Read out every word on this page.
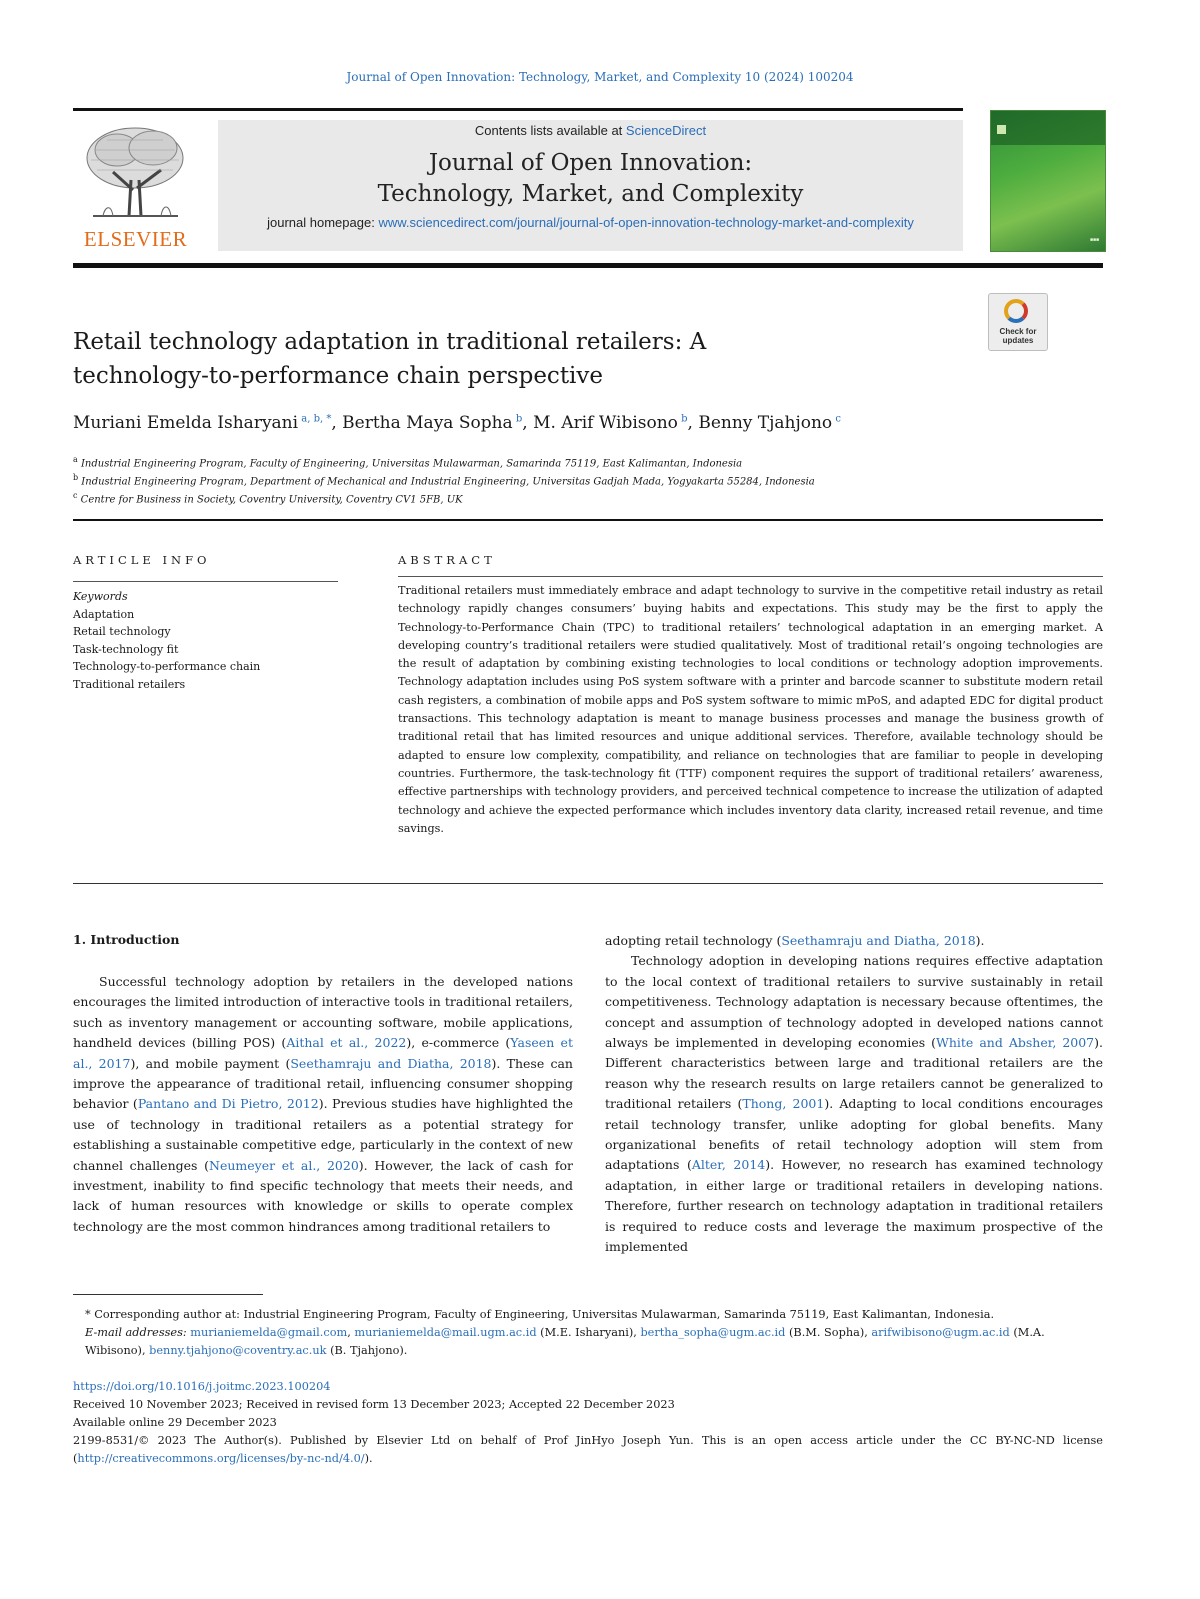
Journal of Open Innovation: Technology, Market, and Complexity 10 (2024) 100204
ELSEVIER
Contents lists available at ScienceDirect
Journal of Open Innovation: Technology, Market, and Complexity
journal homepage: www.sciencedirect.com/journal/journal-of-open-innovation-technology-market-and-complexity
■■■
Check for updates
Retail technology adaptation in traditional retailers: A technology-to-performance chain perspective
Muriani Emelda Isharyani $^{a, b, *}$, Bertha Maya Sopha $^b$, M. Arif Wibisono $^b$, Benny Tjahjono $^c$
$^a$ Industrial Engineering Program, Faculty of Engineering, Universitas Mulawarman, Samarinda 75119, East Kalimantan, Indonesia
$^b$ Industrial Engineering Program, Department of Mechanical and Industrial Engineering, Universitas Gadjah Mada, Yogyakarta 55284, Indonesia
$^c$ Centre for Business in Society, Coventry University, Coventry CV1 5FB, UK
ARTICLE INFO
Keywords
Adaptation
Retail technology
Task-technology fit
Technology-to-performance chain
Traditional retailers
ABSTRACT
Traditional retailers must immediately embrace and adapt technology to survive in the competitive retail industry as retail technology rapidly changes consumers’ buying habits and expectations. This study may be the first to apply the Technology-to-Performance Chain (TPC) to traditional retailers’ technological adaptation in an emerging market. A developing country’s traditional retailers were studied qualitatively. Most of traditional retail’s ongoing technologies are the result of adaptation by combining existing technologies to local conditions or technology adoption improvements. Technology adaptation includes using PoS system software with a printer and barcode scanner to substitute modern retail cash registers, a combination of mobile apps and PoS system software to mimic mPoS, and adapted EDC for digital product transactions. This technology adaptation is meant to manage business processes and manage the business growth of traditional retail that has limited resources and unique additional services. Therefore, available technology should be adapted to ensure low complexity, compatibility, and reliance on technologies that are familiar to people in developing countries. Furthermore, the task-technology fit (TTF) component requires the support of traditional retailers’ awareness, effective partnerships with technology providers, and perceived technical competence to increase the utilization of adapted technology and achieve the expected performance which includes inventory data clarity, increased retail revenue, and time savings.
1. Introduction

Successful technology adoption by retailers in the developed nations encourages the limited introduction of interactive tools in traditional retailers, such as inventory management or accounting software, mobile applications, handheld devices (billing POS) (Aithal et al., 2022), e-commerce (Yaseen et al., 2017), and mobile payment (Seethamraju and Diatha, 2018). These can improve the appearance of traditional retail, influencing consumer shopping behavior (Pantano and Di Pietro, 2012). Previous studies have highlighted the use of technology in traditional retailers as a potential strategy for establishing a sustainable competitive edge, particularly in the context of new channel challenges (Neumeyer et al., 2020). However, the lack of cash for investment, inability to find specific technology that meets their needs, and lack of human resources with knowledge or skills to operate complex technology are the most common hindrances among traditional retailers to

adopting retail technology (Seethamraju and Diatha, 2018).

Technology adoption in developing nations requires effective adaptation to the local context of traditional retailers to survive sustainably in retail competitiveness. Technology adaptation is necessary because oftentimes, the concept and assumption of technology adopted in developed nations cannot always be implemented in developing economies (White and Absher, 2007). Different characteristics between large and traditional retailers are the reason why the research results on large retailers cannot be generalized to traditional retailers (Thong, 2001). Adapting to local conditions encourages retail technology transfer, unlike adopting for global benefits. Many organizational benefits of retail technology adoption will stem from adaptations (Alter, 2014). However, no research has examined technology adaptation, in either large or traditional retailers in developing nations. Therefore, further research on technology adaptation in traditional retailers is required to reduce costs and leverage the maximum prospective of the implemented

* Corresponding author at: Industrial Engineering Program, Faculty of Engineering, Universitas Mulawarman, Samarinda 75119, East Kalimantan, Indonesia.
E-mail addresses: murianiemelda@gmail.com, murianiemelda@mail.ugm.ac.id (M.E. Isharyani), bertha_sopha@ugm.ac.id (B.M. Sopha), arifwibisono@ugm.ac.id (M.A. Wibisono), benny.tjahjono@coventry.ac.uk (B. Tjahjono).
https://doi.org/10.1016/j.joitmc.2023.100204
Received 10 November 2023; Received in revised form 13 December 2023; Accepted 22 December 2023
Available online 29 December 2023
2199-8531/© 2023 The Author(s). Published by Elsevier Ltd on behalf of Prof JinHyo Joseph Yun. This is an open access article under the CC BY-NC-ND license (http://creativecommons.org/licenses/by-nc-nd/4.0/).
